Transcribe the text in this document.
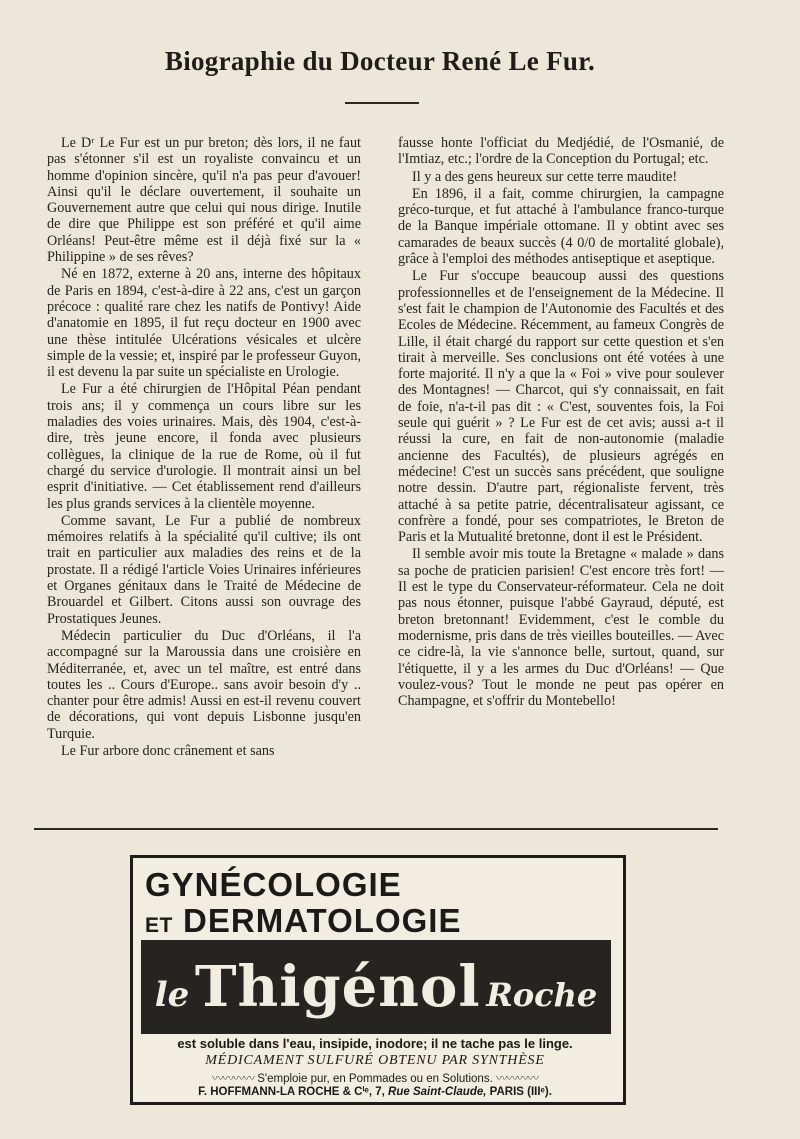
Biographie du Docteur René Le Fur.

Le Dʳ Le Fur est un pur breton; dès lors, il ne faut pas s'étonner s'il est un royaliste convaincu et un homme d'opinion sincère, qu'il n'a pas peur d'avouer! Ainsi qu'il le déclare ouvertement, il souhaite un Gouvernement autre que celui qui nous dirige. Inutile de dire que Philippe est son préféré et qu'il aime Orléans! Peut-être même est il déjà fixé sur la « Philippine » de ses rêves?

Né en 1872, externe à 20 ans, interne des hôpitaux de Paris en 1894, c'est-à-dire à 22 ans, c'est un garçon précoce : qualité rare chez les natifs de Pontivy! Aide d'anatomie en 1895, il fut reçu docteur en 1900 avec une thèse intitulée Ulcérations vésicales et ulcère simple de la vessie; et, inspiré par le professeur Guyon, il est devenu la par suite un spécialiste en Urologie.

Le Fur a été chirurgien de l'Hôpital Péan pendant trois ans; il y commença un cours libre sur les maladies des voies urinaires. Mais, dès 1904, c'est-à-dire, très jeune encore, il fonda avec plusieurs collègues, la clinique de la rue de Rome, où il fut chargé du service d'urologie. Il montrait ainsi un bel esprit d'initiative. — Cet établissement rend d'ailleurs les plus grands services à la clientèle moyenne.

Comme savant, Le Fur a publié de nombreux mémoires relatifs à la spécialité qu'il cultive; ils ont trait en particulier aux maladies des reins et de la prostate. Il a rédigé l'article Voies Urinaires inférieures et Organes génitaux dans le Traité de Médecine de Brouardel et Gilbert. Citons aussi son ouvrage des Prostatiques Jeunes.

Médecin particulier du Duc d'Orléans, il l'a accompagné sur la Maroussia dans une croisière en Méditerranée, et, avec un tel maître, est entré dans toutes les .. Cours d'Europe.. sans avoir besoin d'y .. chanter pour être admis! Aussi en est-il revenu couvert de décorations, qui vont depuis Lisbonne jusqu'en Turquie.

Le Fur arbore donc crânement et sans

fausse honte l'officiat du Medjédié, de l'Osmanié, de l'Imtiaz, etc.; l'ordre de la Conception du Portugal; etc.

Il y a des gens heureux sur cette terre maudite!

En 1896, il a fait, comme chirurgien, la campagne gréco-turque, et fut attaché à l'ambulance franco-turque de la Banque impériale ottomane. Il y obtint avec ses camarades de beaux succès (4 0/0 de mortalité globale), grâce à l'emploi des méthodes antiseptique et aseptique.

Le Fur s'occupe beaucoup aussi des questions professionnelles et de l'enseignement de la Médecine. Il s'est fait le champion de l'Autonomie des Facultés et des Ecoles de Médecine. Récemment, au fameux Congrès de Lille, il était chargé du rapport sur cette question et s'en tirait à merveille. Ses conclusions ont été votées à une forte majorité. Il n'y a que la « Foi » vive pour soulever des Montagnes! — Charcot, qui s'y connaissait, en fait de foie, n'a-t-il pas dit : « C'est, souventes fois, la Foi seule qui guérit » ? Le Fur est de cet avis; aussi a-t il réussi la cure, en fait de non-autonomie (maladie ancienne des Facultés), de plusieurs agrégés en médecine! C'est un succès sans précédent, que souligne notre dessin. D'autre part, régionaliste fervent, très attaché à sa petite patrie, décentralisateur agissant, ce confrère a fondé, pour ses compatriotes, le Breton de Paris et la Mutualité bretonne, dont il est le Président.

Il semble avoir mis toute la Bretagne « malade » dans sa poche de praticien parisien! C'est encore très fort! — Il est le type du Conservateur-réformateur. Cela ne doit pas nous étonner, puisque l'abbé Gayraud, député, est breton bretonnant! Evidemment, c'est le comble du modernisme, pris dans de très vieilles bouteilles. — Avec ce cidre-là, la vie s'annonce belle, surtout, quand, sur l'étiquette, il y a les armes du Duc d'Orléans! — Que voulez-vous? Tout le monde ne peut pas opérer en Champagne, et s'offrir du Montebello!

GYNÉCOLOGIE
ET DERMATOLOGIE
le Thigénol Roche
est soluble dans l'eau, insipide, inodore; il ne tache pas le linge.
MÉDICAMENT SULFURÉ OBTENU PAR SYNTHÈSE
〰〰〰〰 S'emploie pur, en Pommades ou en Solutions. 〰〰〰〰
F. HOFFMANN-LA ROCHE & Cⁱᵉ, 7, Rue Saint-Claude, PARIS (IIIᵉ).
